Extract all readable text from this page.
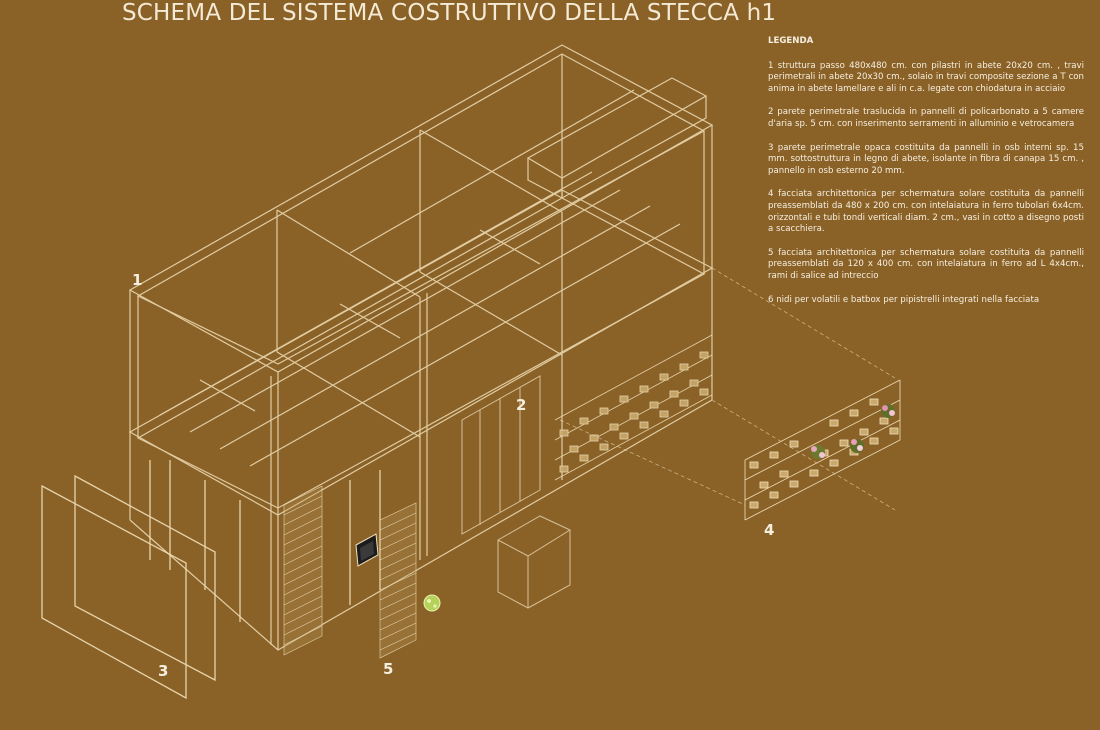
SCHEMA DEL SISTEMA COSTRUTTIVO DELLA STECCA h1
1
2
3
4
5
LEGENDA
1 struttura passo 480x480 cm. con pilastri in abete 20x20 cm. , travi perimetrali in abete 20x30 cm., solaio in travi composite sezione a T con anima in abete lamellare e ali in c.a. legate con chiodatura in acciaio
2 parete perimetrale traslucida in pannelli di policarbonato a 5 camere d'aria sp. 5 cm. con inserimento serramenti in alluminio e vetrocamera
3 parete perimetrale opaca costituita da pannelli in osb interni sp. 15 mm. sottostruttura in legno di abete, isolante in fibra di canapa 15 cm. , pannello in osb esterno 20 mm.
4 facciata architettonica per schermatura solare costituita da pannelli preassemblati da 480 x 200 cm. con intelaiatura in ferro tubolari 6x4cm. orizzontali e tubi tondi verticali diam. 2 cm., vasi in cotto a disegno posti a scacchiera.
5 facciata architettonica per schermatura solare costituita da pannelli preassemblati da 120 x 400 cm. con intelaiatura in ferro ad L 4x4cm., rami di salice ad intreccio
6 nidi per volatili e batbox per pipistrelli integrati nella facciata
